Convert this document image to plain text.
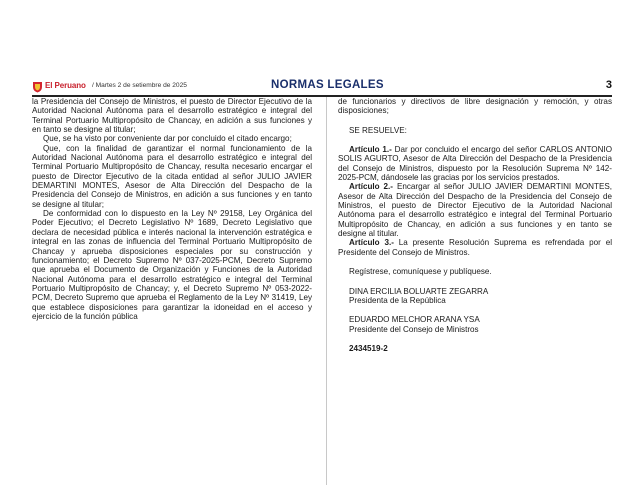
El Peruano / Martes 2 de setiembre de 2025	NORMAS LEGALES	3

la Presidencia del Consejo de Ministros, el puesto de Director Ejecutivo de la Autoridad Nacional Autónoma para el desarrollo estratégico e integral del Terminal Portuario Multipropósito de Chancay, en adición a sus funciones y en tanto se designe al titular;

Que, se ha visto por conveniente dar por concluido el citado encargo;

Que, con la finalidad de garantizar el normal funcionamiento de la Autoridad Nacional Autónoma para el desarrollo estratégico e integral del Terminal Portuario Multipropósito de Chancay, resulta necesario encargar el puesto de Director Ejecutivo de la citada entidad al señor JULIO JAVIER DEMARTINI MONTES, Asesor de Alta Dirección del Despacho de la Presidencia del Consejo de Ministros, en adición a sus funciones y en tanto se designe al titular;

De conformidad con lo dispuesto en la Ley Nº 29158, Ley Orgánica del Poder Ejecutivo; el Decreto Legislativo Nº 1689, Decreto Legislativo que declara de necesidad pública e interés nacional la intervención estratégica e integral en las zonas de influencia del Terminal Portuario Multipropósito de Chancay y aprueba disposiciones especiales por su construcción y funcionamiento; el Decreto Supremo Nº 037-2025-PCM, Decreto Supremo que aprueba el Documento de Organización y Funciones de la Autoridad Nacional Autónoma para el desarrollo estratégico e integral del Terminal Portuario Multipropósito de Chancay; y, el Decreto Supremo Nº 053-2022-PCM, Decreto Supremo que aprueba el Reglamento de la Ley Nº 31419, Ley que establece disposiciones para garantizar la idoneidad en el acceso y ejercicio de la función pública

de funcionarios y directivos de libre designación y remoción, y otras disposiciones;

SE RESUELVE:

Artículo 1.- Dar por concluido el encargo del señor CARLOS ANTONIO SOLIS AGURTO, Asesor de Alta Dirección del Despacho de la Presidencia del Consejo de Ministros, dispuesto por la Resolución Suprema Nº 142-2025-PCM, dándosele las gracias por los servicios prestados.

Artículo 2.- Encargar al señor JULIO JAVIER DEMARTINI MONTES, Asesor de Alta Dirección del Despacho de la Presidencia del Consejo de Ministros, el puesto de Director Ejecutivo de la Autoridad Nacional Autónoma para el desarrollo estratégico e integral del Terminal Portuario Multipropósito de Chancay, en adición a sus funciones y en tanto se designe al titular.

Artículo 3.- La presente Resolución Suprema es refrendada por el Presidente del Consejo de Ministros.

Regístrese, comuníquese y publíquese.

DINA ERCILIA BOLUARTE ZEGARRA

Presidenta de la República

EDUARDO MELCHOR ARANA YSA

Presidente del Consejo de Ministros

2434519-2
